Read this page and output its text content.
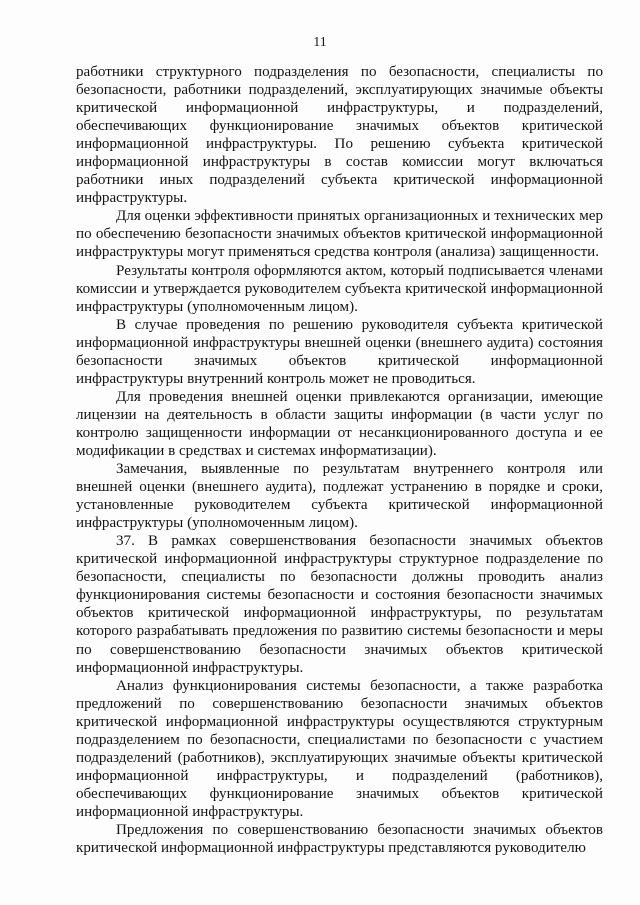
11

работники структурного подразделения по безопасности, специалисты по безопасности, работники подразделений, эксплуатирующих значимые объекты критической информационной инфраструктуры, и подразделений, обеспечивающих функционирование значимых объектов критической информационной инфраструктуры. По решению субъекта критической информационной инфраструктуры в состав комиссии могут включаться работники иных подразделений субъекта критической информационной инфраструктуры.

Для оценки эффективности принятых организационных и технических мер по обеспечению безопасности значимых объектов критической информационной инфраструктуры могут применяться средства контроля (анализа) защищенности.

Результаты контроля оформляются актом, который подписывается членами комиссии и утверждается руководителем субъекта критической информационной инфраструктуры (уполномоченным лицом).

В случае проведения по решению руководителя субъекта критической информационной инфраструктуры внешней оценки (внешнего аудита) состояния безопасности значимых объектов критической информационной инфраструктуры внутренний контроль может не проводиться.

Для проведения внешней оценки привлекаются организации, имеющие лицензии на деятельность в области защиты информации (в части услуг по контролю защищенности информации от несанкционированного доступа и ее модификации в средствах и системах информатизации).

Замечания, выявленные по результатам внутреннего контроля или внешней оценки (внешнего аудита), подлежат устранению в порядке и сроки, установленные руководителем субъекта критической информационной инфраструктуры (уполномоченным лицом).

37. В рамках совершенствования безопасности значимых объектов критической информационной инфраструктуры структурное подразделение по безопасности, специалисты по безопасности должны проводить анализ функционирования системы безопасности и состояния безопасности значимых объектов критической информационной инфраструктуры, по результатам которого разрабатывать предложения по развитию системы безопасности и меры по совершенствованию безопасности значимых объектов критической информационной инфраструктуры.

Анализ функционирования системы безопасности, а также разработка предложений по совершенствованию безопасности значимых объектов критической информационной инфраструктуры осуществляются структурным подразделением по безопасности, специалистами по безопасности с участием подразделений (работников), эксплуатирующих значимые объекты критической информационной инфраструктуры, и подразделений (работников), обеспечивающих функционирование значимых объектов критической информационной инфраструктуры.

Предложения по совершенствованию безопасности значимых объектов критической информационной инфраструктуры представляются руководителю
